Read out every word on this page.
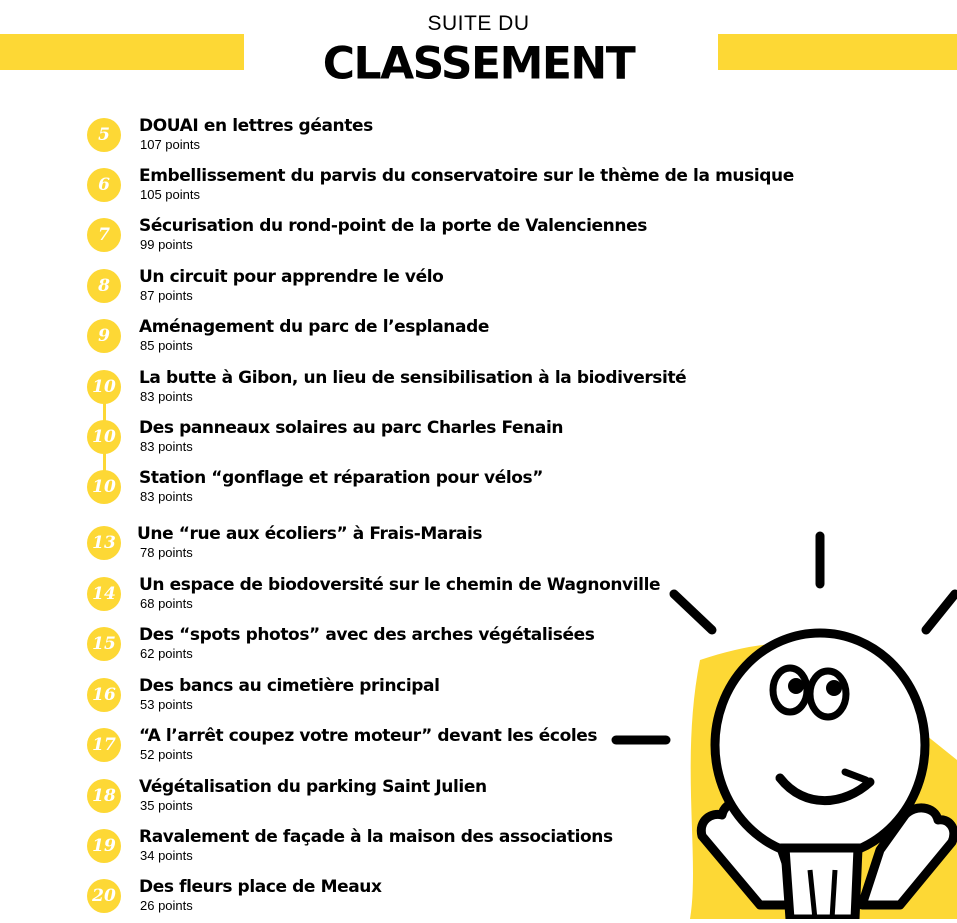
SUITE DU
CLASSEMENT
5	DOUAI en lettres géantes
107 points
6	Embellissement du parvis du conservatoire sur le thème de la musique
105 points
7	Sécurisation du rond-point de la porte de Valenciennes
99 points
8	Un circuit pour apprendre le vélo
87 points
9	Aménagement du parc de l’esplanade
85 points
10	La butte à Gibon, un lieu de sensibilisation à la biodiversité
83 points
10	Des panneaux solaires au parc Charles Fenain
83 points
10	Station “gonflage et réparation pour vélos”
83 points
13	Une “rue aux écoliers” à Frais-Marais
78 points
14	Un espace de biodoversité sur le chemin de Wagnonville
68 points
15	Des “spots photos” avec des arches végétalisées
62 points
16	Des bancs au cimetière principal
53 points
17	“A l’arrêt coupez votre moteur” devant les écoles
52 points
18	Végétalisation du parking Saint Julien
35 points
19	Ravalement de façade à la maison des associations
34 points
20	Des fleurs place de Meaux
26 points
